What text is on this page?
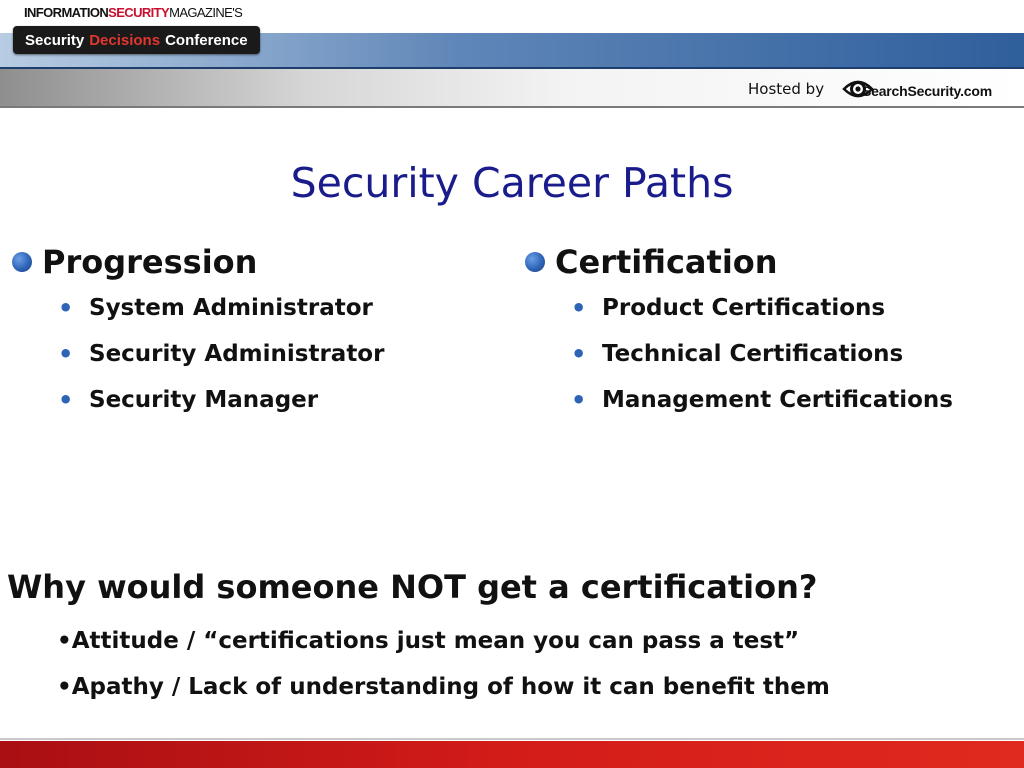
INFORMATIONSECURITYMAGAZINE'S
Security Decisions Conference
Hosted by	SearchSecurity.com
Security Career Paths
Progression
• System Administrator
• Security Administrator
• Security Manager
Certification
• Product Certifications
• Technical Certifications
• Management Certifications
Why would someone NOT get a certification?
•Attitude / “certifications just mean you can pass a test”
•Apathy / Lack of understanding of how it can benefit them
